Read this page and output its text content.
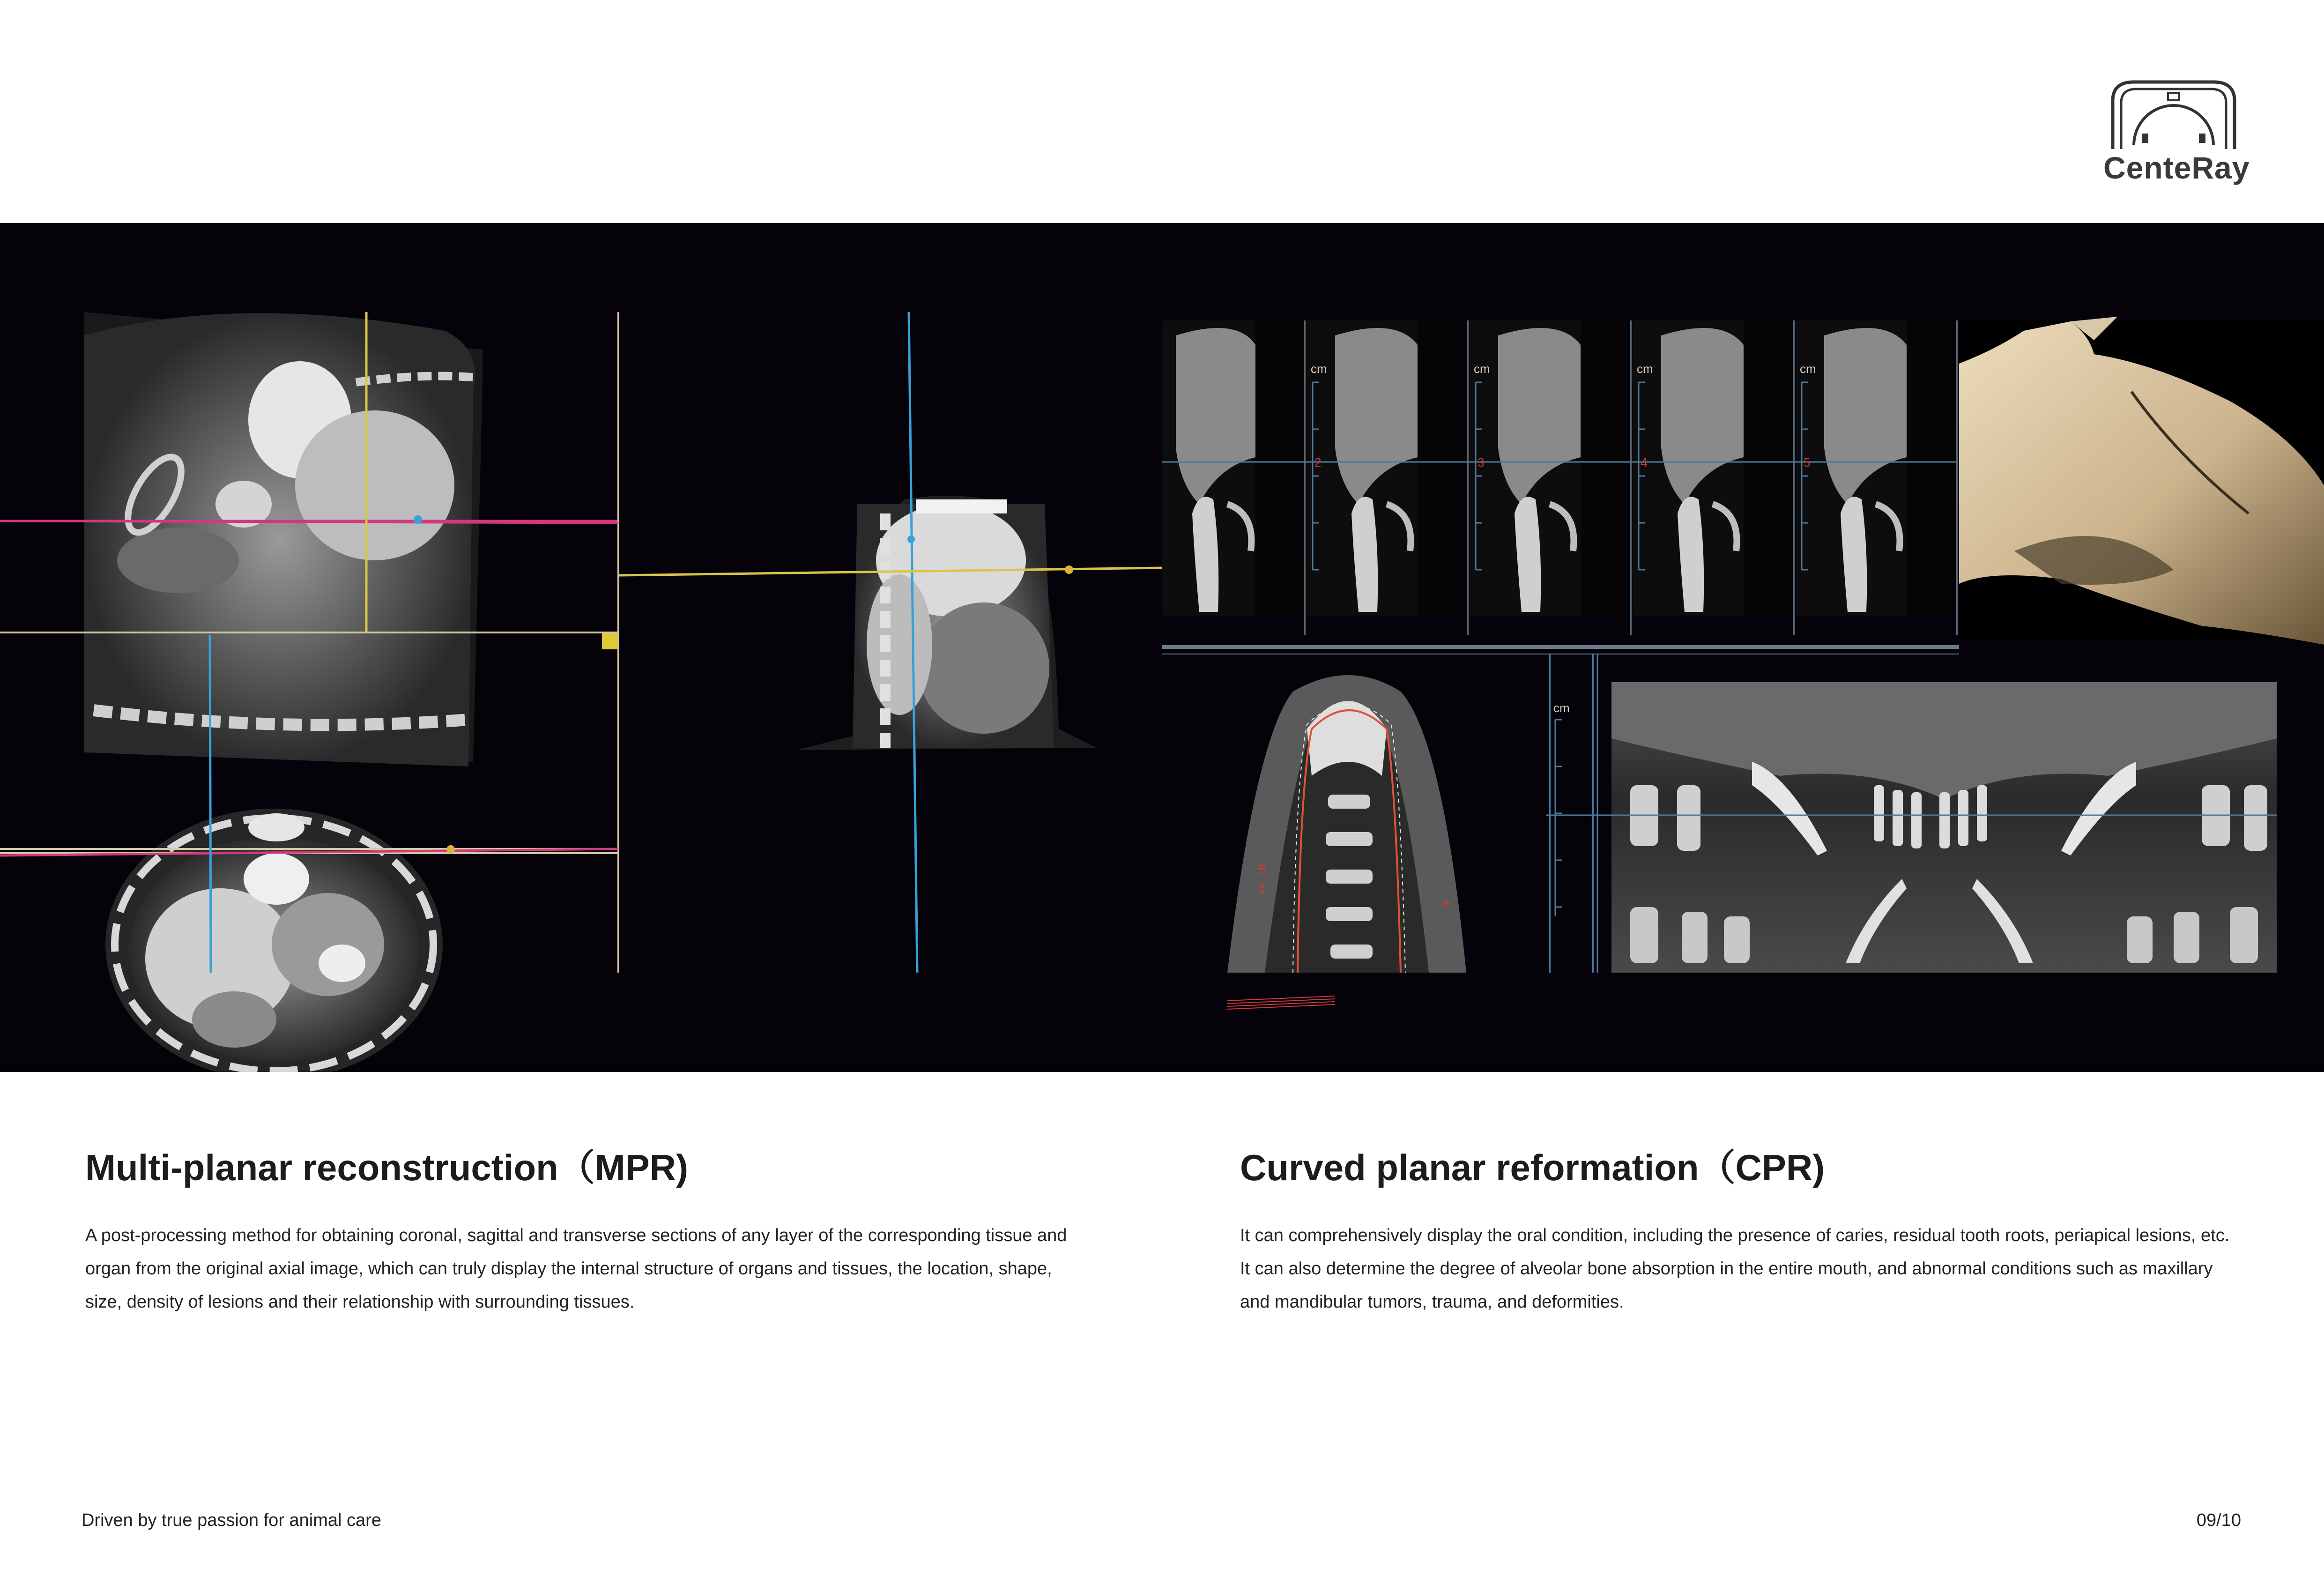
CenteRay
cm	cm	cm	cm
2	3	4	5
5
1
e
cm
Multi-planar reconstruction（MPR)

A post-processing method for obtaining coronal, sagittal and transverse sections of any layer of the corresponding tissue and organ from the original axial image, which can truly display the internal structure of organs and tissues, the location, shape, size, density of lesions and their relationship with surrounding tissues.

Curved planar reformation（CPR)

It can comprehensively display the oral condition, including the presence of caries, residual tooth roots, periapical lesions, etc. It can also determine the degree of alveolar bone absorption in the entire mouth, and abnormal conditions such as maxillary and mandibular tumors, trauma, and deformities.

Driven by true passion for animal care	09/10
